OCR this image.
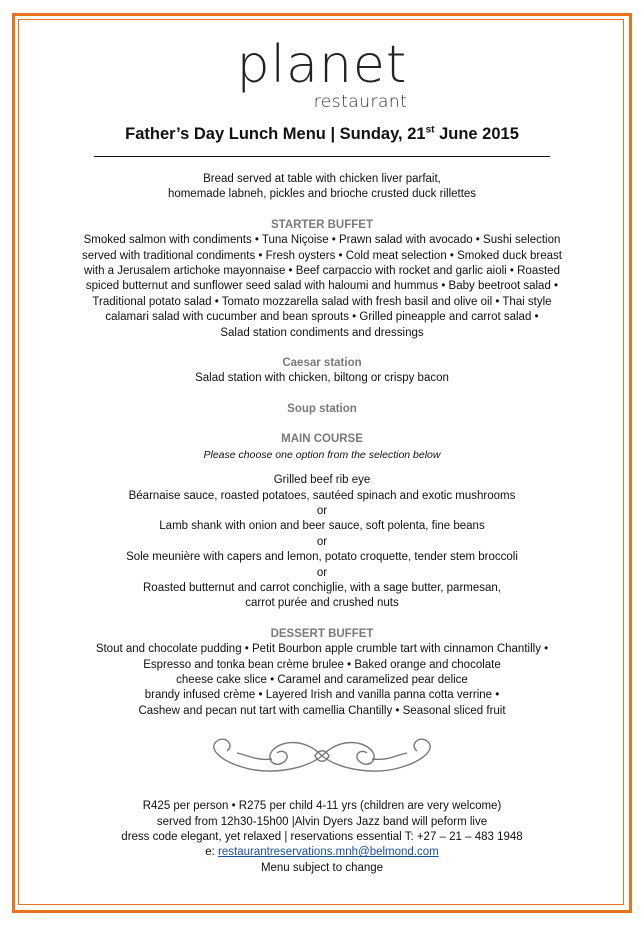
planet
restaurant
Father’s Day Lunch Menu | Sunday, 21st June 2015

Bread served at table with chicken liver parfait,

homemade labneh, pickles and brioche crusted duck rillettes

STARTER BUFFET

Smoked salmon with condiments • Tuna Niçoise • Prawn salad with avocado • Sushi selection

served with traditional condiments • Fresh oysters • Cold meat selection • Smoked duck breast

with a Jerusalem artichoke mayonnaise • Beef carpaccio with rocket and garlic aioli • Roasted

spiced butternut and sunflower seed salad with haloumi and hummus • Baby beetroot salad •

Traditional potato salad • Tomato mozzarella salad with fresh basil and olive oil • Thai style

calamari salad with cucumber and bean sprouts • Grilled pineapple and carrot salad •

Salad station condiments and dressings

Caesar station

Salad station with chicken, biltong or crispy bacon

Soup station

MAIN COURSE

Please choose one option from the selection below

Grilled beef rib eye

Béarnaise sauce, roasted potatoes, sautéed spinach and exotic mushrooms

or

Lamb shank with onion and beer sauce, soft polenta, fine beans

or

Sole meunière with capers and lemon, potato croquette, tender stem broccoli

or

Roasted butternut and carrot conchiglie, with a sage butter, parmesan,

carrot purée and crushed nuts

DESSERT BUFFET

Stout and chocolate pudding • Petit Bourbon apple crumble tart with cinnamon Chantilly •

Espresso and tonka bean crème brulee • Baked orange and chocolate

cheese cake slice • Caramel and caramelized pear delice

brandy infused crème • Layered Irish and vanilla panna cotta verrine •

Cashew and pecan nut tart with camellia Chantilly • Seasonal sliced fruit

R425 per person • R275 per child 4-11 yrs (children are very welcome)

served from 12h30-15h00 |Alvin Dyers Jazz band will peform live

dress code elegant, yet relaxed | reservations essential T: +27 – 21 – 483 1948

e: restaurantreservations.mnh@belmond.com

Menu subject to change
